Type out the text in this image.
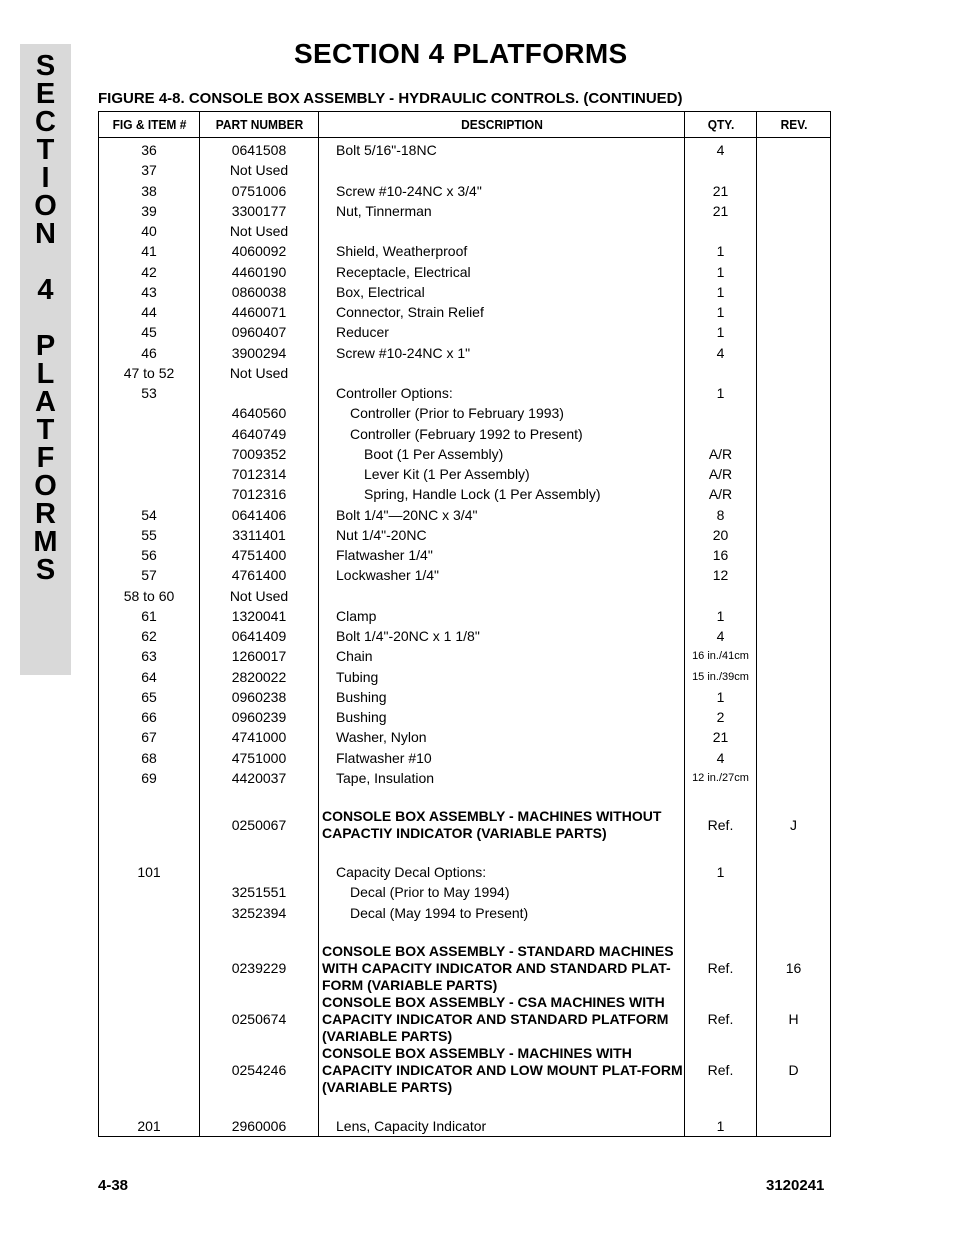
S
E
C
T
I
O
N
4
P
L
A
T
F
O
R
M
S
SECTION 4 PLATFORMS
FIGURE 4-8. CONSOLE BOX ASSEMBLY - HYDRAULIC CONTROLS. (CONTINUED)
FIG & ITEM #	PART NUMBER	DESCRIPTION	QTY.	REV.
36	0641508	Bolt 5/16"-18NC	4	
37	Not Used			
38	0751006	Screw #10-24NC x 3/4"	21	
39	3300177	Nut, Tinnerman	21	
40	Not Used			
41	4060092	Shield, Weatherproof	1	
42	4460190	Receptacle, Electrical	1	
43	0860038	Box, Electrical	1	
44	4460071	Connector, Strain Relief	1	
45	0960407	Reducer	1	
46	3900294	Screw #10-24NC x 1"	4	
47 to 52	Not Used			
53		Controller Options:	1	
	4640560	Controller (Prior to February 1993)		
	4640749	Controller (February 1992 to Present)		
	7009352	Boot (1 Per Assembly)	A/R	
	7012314	Lever Kit (1 Per Assembly)	A/R	
	7012316	Spring, Handle Lock (1 Per Assembly)	A/R	
54	0641406	Bolt 1/4"—20NC x 3/4"	8	
55	3311401	Nut 1/4"-20NC	20	
56	4751400	Flatwasher 1/4"	16	
57	4761400	Lockwasher 1/4"	12	
58 to 60	Not Used			
61	1320041	Clamp	1	
62	0641409	Bolt 1/4"-20NC x 1 1/8"	4	
63	1260017	Chain	16 in./41cm	
64	2820022	Tubing	15 in./39cm	
65	0960238	Bushing	1	
66	0960239	Bushing	2	
67	4741000	Washer, Nylon	21	
68	4751000	Flatwasher #10	4	
69	4420037	Tape, Insulation	12 in./27cm	

	0250067	CONSOLE BOX ASSEMBLY - MACHINES WITHOUT CAPACTIY INDICATOR (VARIABLE PARTS)	Ref.	J

101		Capacity Decal Options:	1	
	3251551	Decal (Prior to May 1994)		
	3252394	Decal (May 1994 to Present)		

	0239229	CONSOLE BOX ASSEMBLY - STANDARD MACHINES WITH CAPACITY INDICATOR AND STANDARD PLAT-FORM (VARIABLE PARTS)	Ref.	16
	0250674	CONSOLE BOX ASSEMBLY - CSA MACHINES WITH CAPACITY INDICATOR AND STANDARD PLATFORM (VARIABLE PARTS)	Ref.	H
	0254246	CONSOLE BOX ASSEMBLY - MACHINES WITH CAPACITY INDICATOR AND LOW MOUNT PLAT-FORM (VARIABLE PARTS)	Ref.	D

201	2960006	Lens, Capacity Indicator	1	
4-38	3120241
